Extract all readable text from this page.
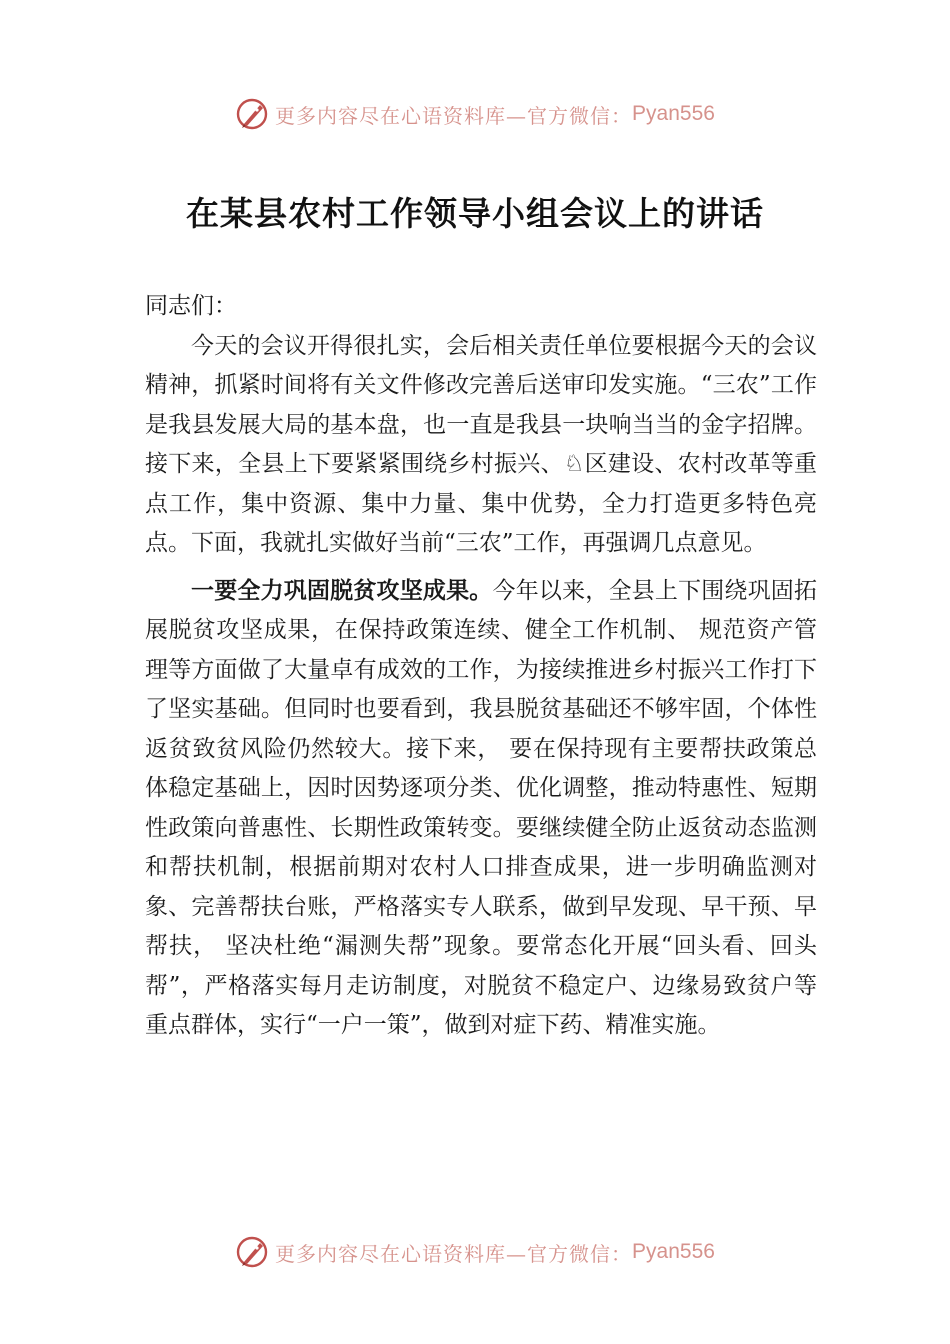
更多内容尽在心语资料库—官方微信： Pyan556
在某县农村工作领导小组会议上的讲话

同志们：

今天的会议开得很扎实，会后相关责任单位要根据今天的会议精神，抓紧时间将有关文件修改完善后送审印发实施。“三农”工作是我县发展大局的基本盘，也一直是我县一块响当当的金字招牌。接下来，全县上下要紧紧围绕乡村振兴、♘区建设、农村改革等重点工作，集中资源、集中力量、集中优势，全力打造更多特色亮点。下面，我就扎实做好当前“三农”工作，再强调几点意见。

一要全力巩固脱贫攻坚成果。今年以来，全县上下围绕巩固拓展脱贫攻坚成果，在保持政策连续、健全工作机制、 规范资产管理等方面做了大量卓有成效的工作，为接续推进乡村振兴工作打下了坚实基础。但同时也要看到，我县脱贫基础还不够牢固，个体性返贫致贫风险仍然较大。接下来， 要在保持现有主要帮扶政策总体稳定基础上，因时因势逐项分类、优化调整，推动特惠性、短期性政策向普惠性、长期性政策转变。要继续健全防止返贫动态监测和帮扶机制，根据前期对农村人口排查成果，进一步明确监测对象、完善帮扶台账，严格落实专人联系，做到早发现、早干预、早帮扶， 坚决杜绝“漏测失帮”现象。要常态化开展“回头看、回头帮”，严格落实每月走访制度，对脱贫不稳定户、边缘易致贫户等重点群体，实行“一户一策”，做到对症下药、精准实施。

更多内容尽在心语资料库—官方微信： Pyan556
